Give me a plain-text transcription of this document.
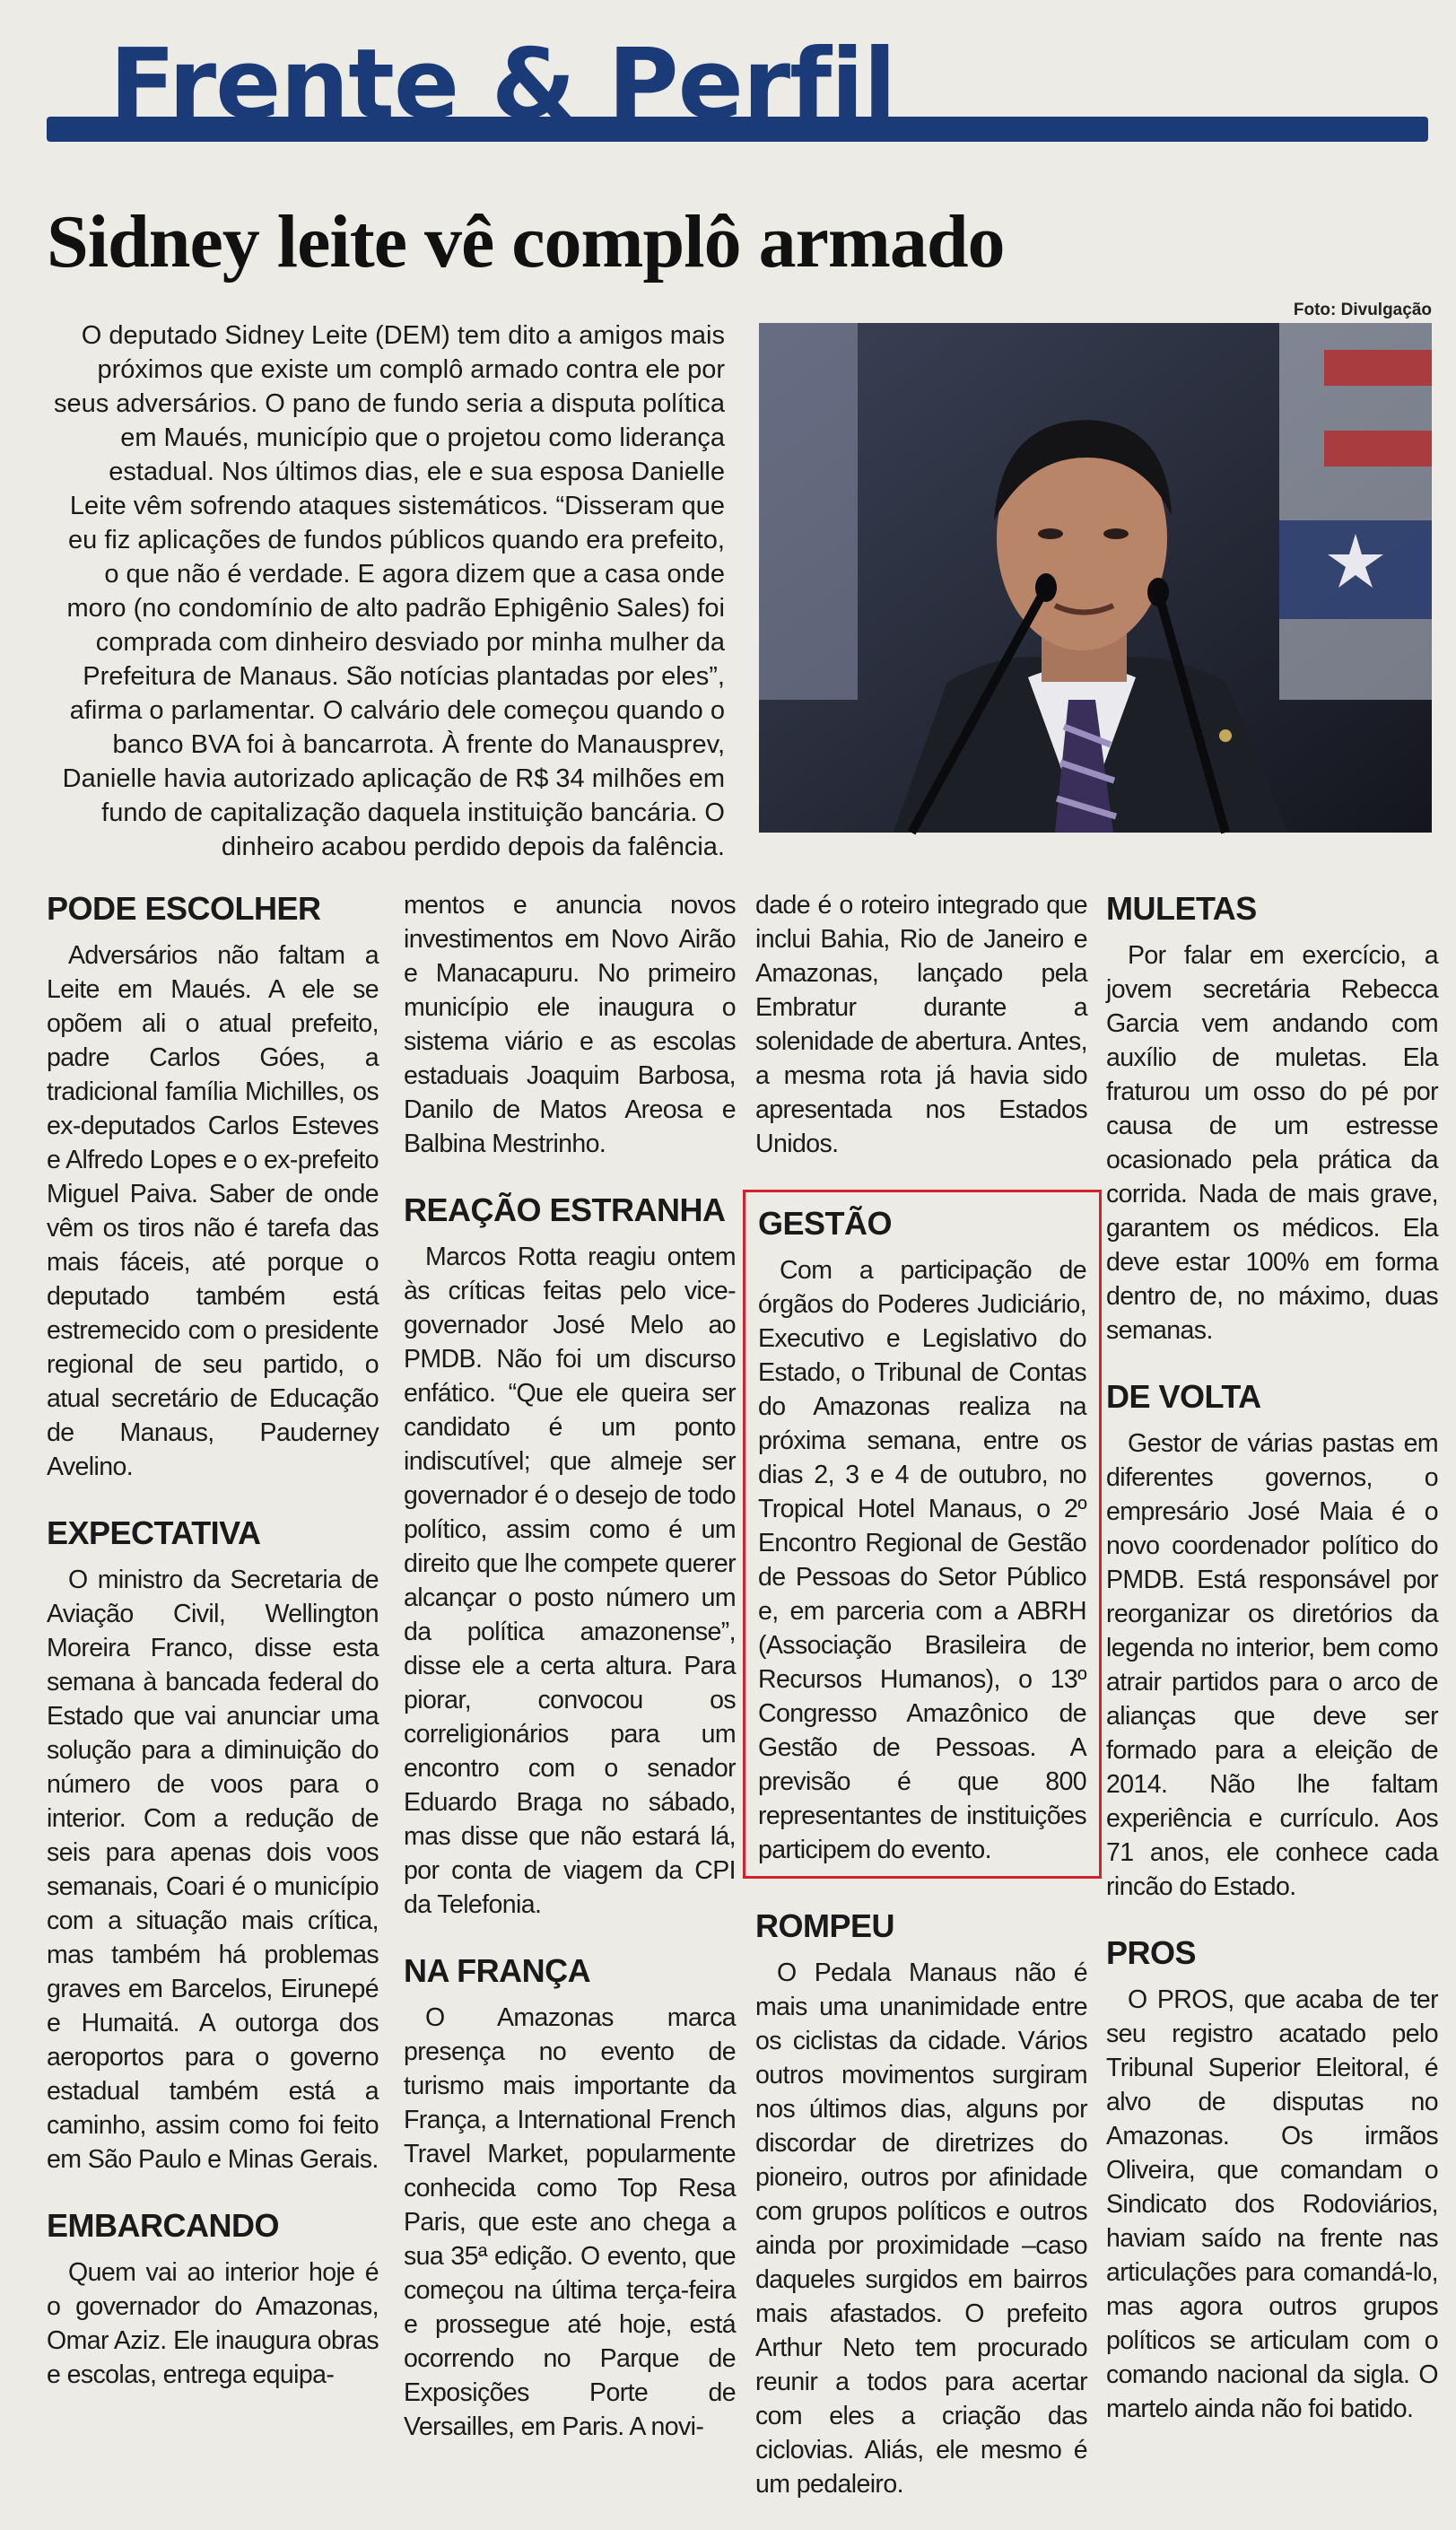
Frente & Perfil
Sidney leite vê complô armado
Foto: Divulgação

O deputado Sidney Leite (DEM) tem dito a amigos mais próximos que existe um complô armado contra ele por seus adversários. O pano de fundo seria a disputa política em Maués, município que o projetou como liderança estadual. Nos últimos dias, ele e sua esposa Danielle Leite vêm sofrendo ataques sistemáticos. “Disseram que eu fiz aplicações de fundos públicos quando era prefeito, o que não é verdade. E agora dizem que a casa onde moro (no condomínio de alto padrão Ephigênio Sales) foi comprada com dinheiro desviado por minha mulher da Prefeitura de Manaus. São notícias plantadas por eles”, afirma o parlamentar. O calvário dele começou quando o banco BVA foi à bancarrota. À frente do Manausprev, Danielle havia autorizado aplicação de R$ 34 milhões em fundo de capitalização daquela instituição bancária. O dinheiro acabou perdido depois da falência.

PODE ESCOLHER

Adversários não faltam a Leite em Maués. A ele se opõem ali o atual prefeito, padre Carlos Góes, a tradicional família Michilles, os ex-deputados Carlos Esteves e Alfredo Lopes e o ex-prefeito Miguel Paiva. Saber de onde vêm os tiros não é tarefa das mais fáceis, até porque o deputado também está estremecido com o presidente regional de seu partido, o atual secretário de Educação de Manaus, Pauderney Avelino.

EXPECTATIVA

O ministro da Secretaria de Aviação Civil, Wellington Moreira Franco, disse esta semana à bancada federal do Estado que vai anunciar uma solução para a diminuição do número de voos para o interior. Com a redução de seis para apenas dois voos semanais, Coari é o município com a situação mais crítica, mas também há problemas graves em Barcelos, Eirunepé e Humaitá. A outorga dos aeroportos para o governo estadual também está a caminho, assim como foi feito em São Paulo e Minas Gerais.

EMBARCANDO

Quem vai ao interior hoje é o governador do Amazonas, Omar Aziz. Ele inaugura obras e escolas, entrega equipa-

mentos e anuncia novos investimentos em Novo Airão e Manacapuru. No primeiro município ele inaugura o sistema viário e as escolas estaduais Joaquim Barbosa, Danilo de Matos Areosa e Balbina Mestrinho.

REAÇÃO ESTRANHA

Marcos Rotta reagiu ontem às críticas feitas pelo vice-governador José Melo ao PMDB. Não foi um discurso enfático. “Que ele queira ser candidato é um ponto indiscutível; que almeje ser governador é o desejo de todo político, assim como é um direito que lhe compete querer alcançar o posto número um da política amazonense”, disse ele a certa altura. Para piorar, convocou os correligionários para um encontro com o senador Eduardo Braga no sábado, mas disse que não estará lá, por conta de viagem da CPI da Telefonia.

NA FRANÇA

O Amazonas marca presença no evento de turismo mais importante da França, a International French Travel Market, popularmente conhecida como Top Resa Paris, que este ano chega a sua 35ª edição. O evento, que começou na última terça-feira e prossegue até hoje, está ocorrendo no Parque de Exposições Porte de Versailles, em Paris. A novi-

dade é o roteiro integrado que inclui Bahia, Rio de Janeiro e Amazonas, lançado pela Embratur durante a solenidade de abertura. Antes, a mesma rota já havia sido apresentada nos Estados Unidos.

GESTÃO

Com a participação de órgãos do Poderes Judiciário, Executivo e Legislativo do Estado, o Tribunal de Contas do Amazonas realiza na próxima semana, entre os dias 2, 3 e 4 de outubro, no Tropical Hotel Manaus, o 2º Encontro Regional de Gestão de Pessoas do Setor Público e, em parceria com a ABRH (Associação Brasileira de Recursos Humanos), o 13º Congresso Amazônico de Gestão de Pessoas. A previsão é que 800 representantes de instituições participem do evento.

ROMPEU

O Pedala Manaus não é mais uma unanimidade entre os ciclistas da cidade. Vários outros movimentos surgiram nos últimos dias, alguns por discordar de diretrizes do pioneiro, outros por afinidade com grupos políticos e outros ainda por proximidade –caso daqueles surgidos em bairros mais afastados. O prefeito Arthur Neto tem procurado reunir a todos para acertar com eles a criação das ciclovias. Aliás, ele mesmo é um pedaleiro.

MULETAS

Por falar em exercício, a jovem secretária Rebecca Garcia vem andando com auxílio de muletas. Ela fraturou um osso do pé por causa de um estresse ocasionado pela prática da corrida. Nada de mais grave, garantem os médicos. Ela deve estar 100% em forma dentro de, no máximo, duas semanas.

DE VOLTA

Gestor de várias pastas em diferentes governos, o empresário José Maia é o novo coordenador político do PMDB. Está responsável por reorganizar os diretórios da legenda no interior, bem como atrair partidos para o arco de alianças que deve ser formado para a eleição de 2014. Não lhe faltam experiência e currículo. Aos 71 anos, ele conhece cada rincão do Estado.

PROS

O PROS, que acaba de ter seu registro acatado pelo Tribunal Superior Eleitoral, é alvo de disputas no Amazonas. Os irmãos Oliveira, que comandam o Sindicato dos Rodoviários, haviam saído na frente nas articulações para comandá-lo, mas agora outros grupos políticos se articulam com o comando nacional da sigla. O martelo ainda não foi batido.
